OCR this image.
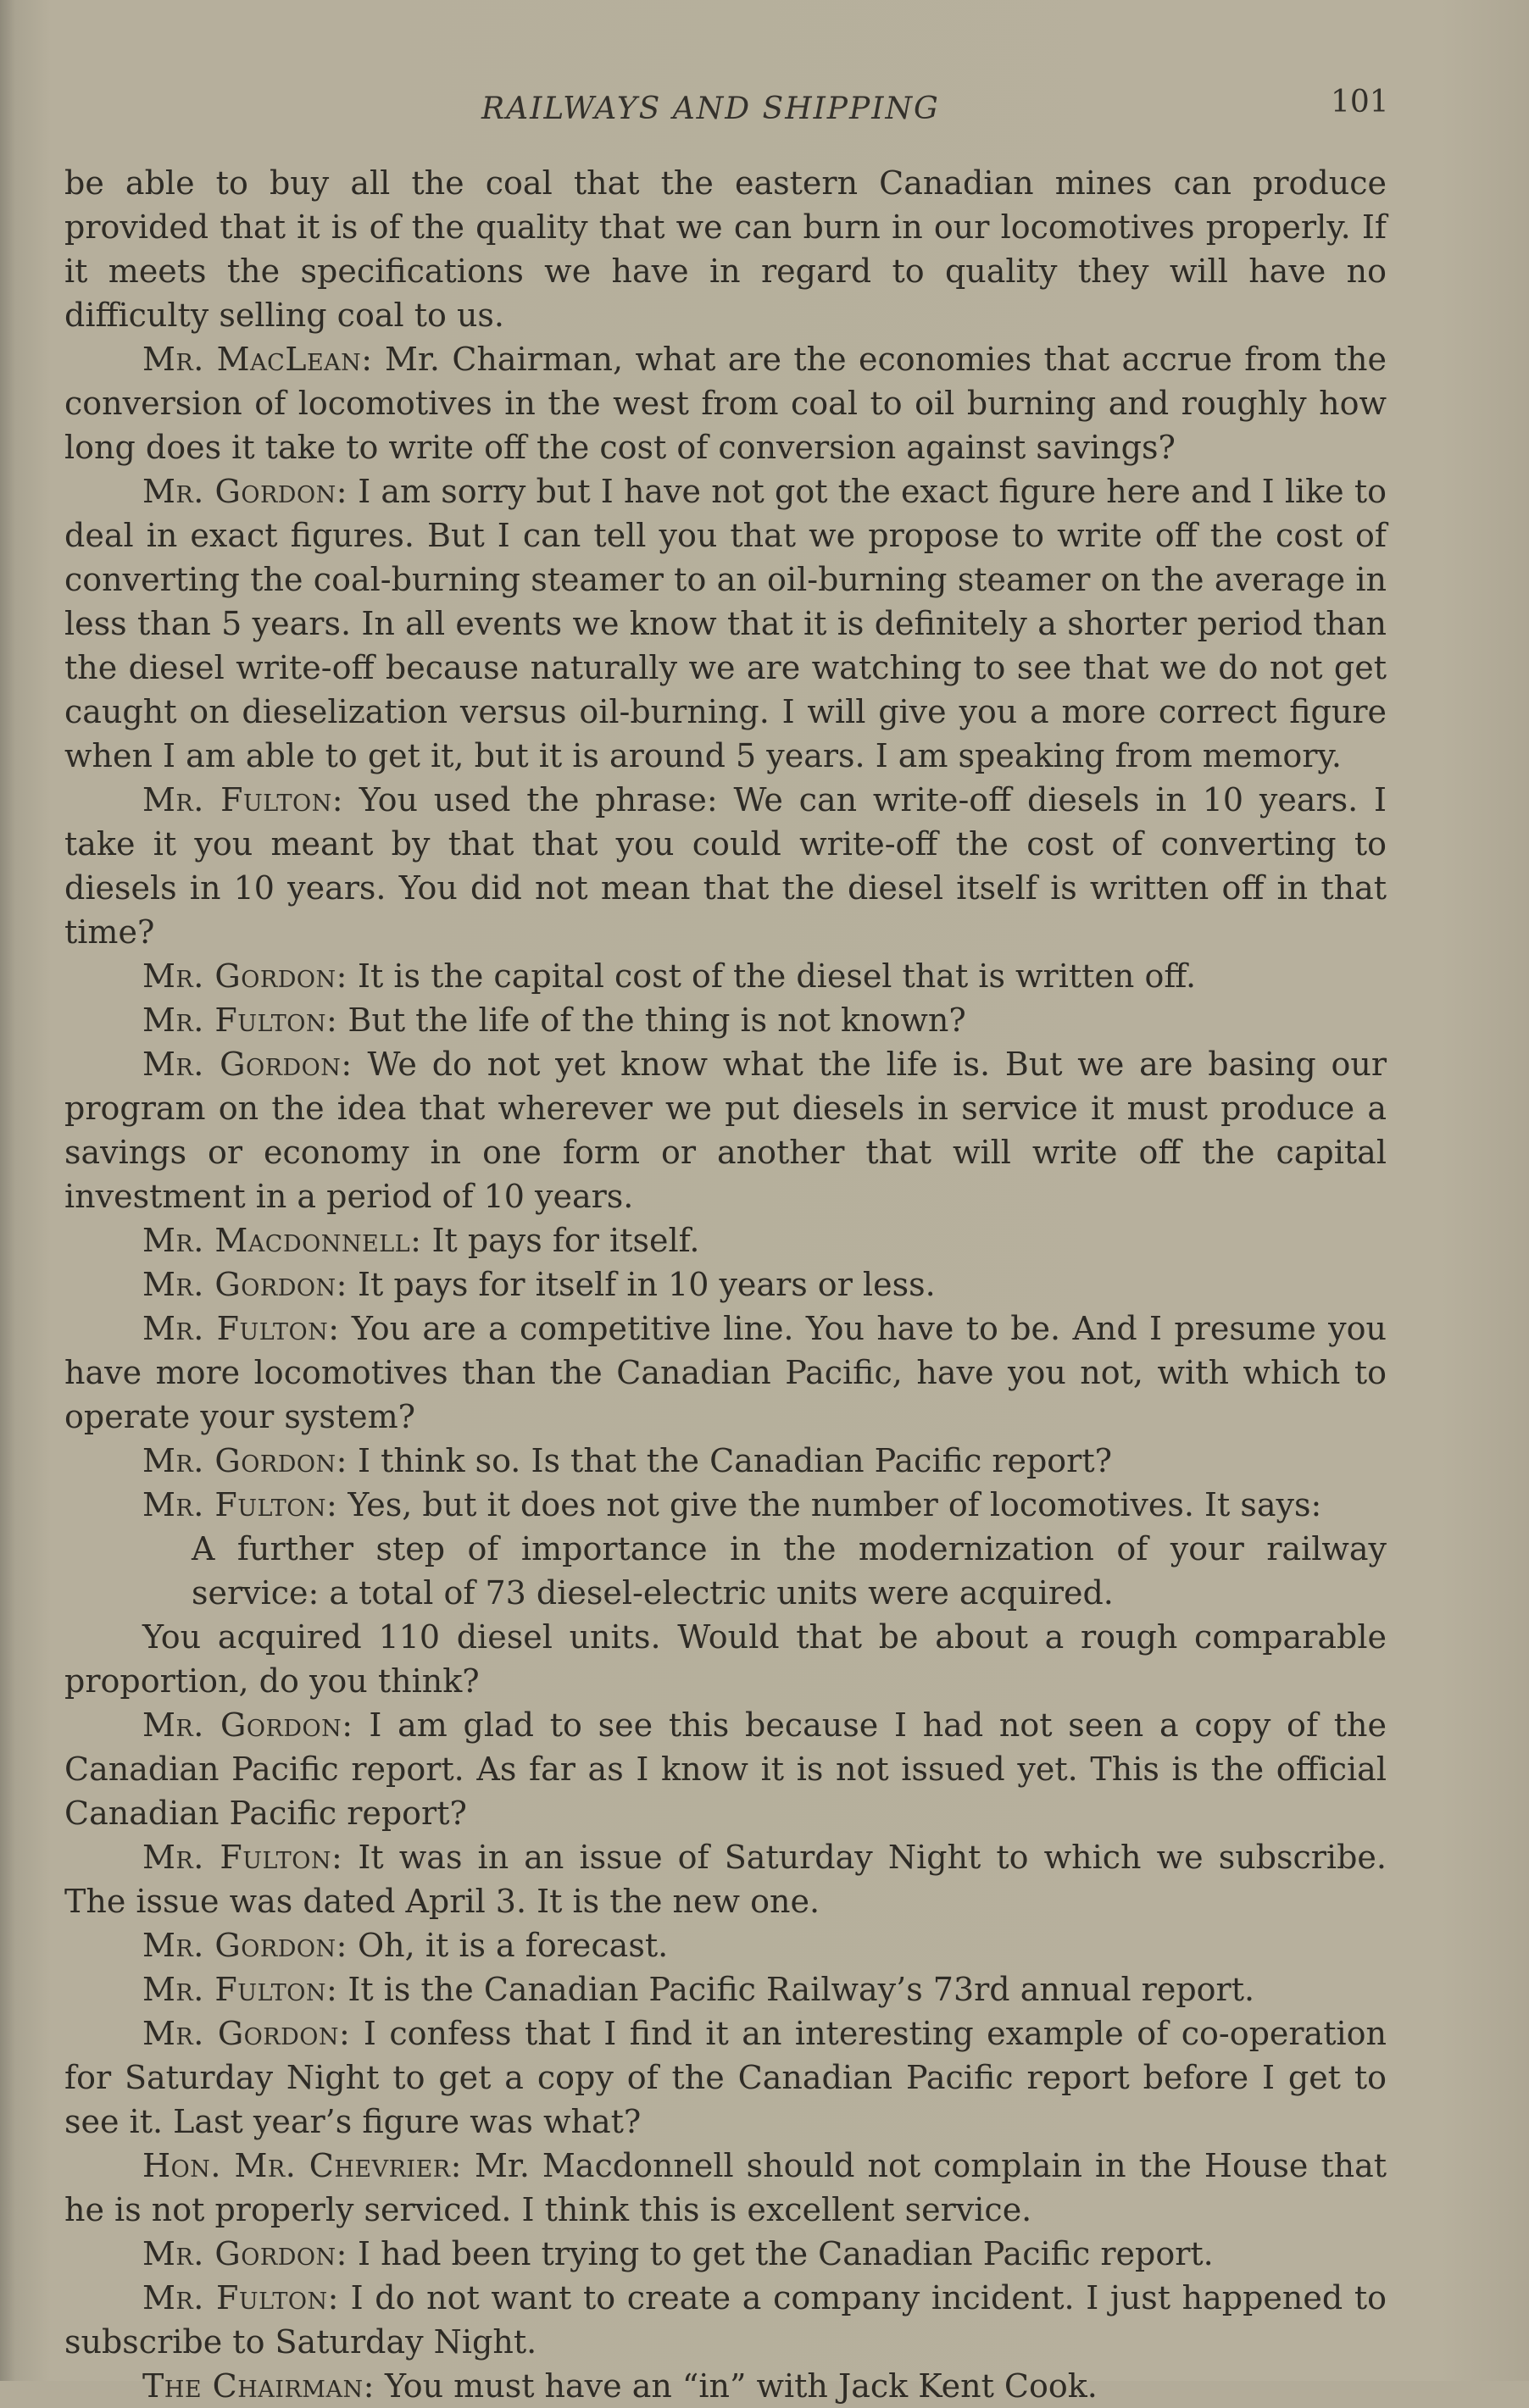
RAILWAYS AND SHIPPING	101

be able to buy all the coal that the eastern Canadian mines can produce provided that it is of the quality that we can burn in our locomotives properly. If it meets the specifications we have in regard to quality they will have no difficulty selling coal to us.

Mr. MacLean: Mr. Chairman, what are the economies that accrue from the conversion of locomotives in the west from coal to oil burning and roughly how long does it take to write off the cost of conversion against savings?

Mr. Gordon: I am sorry but I have not got the exact figure here and I like to deal in exact figures. But I can tell you that we propose to write off the cost of converting the coal-burning steamer to an oil-burning steamer on the average in less than 5 years. In all events we know that it is definitely a shorter period than the diesel write-off because naturally we are watching to see that we do not get caught on dieselization versus oil-burning. I will give you a more correct figure when I am able to get it, but it is around 5 years. I am speaking from memory.

Mr. Fulton: You used the phrase: We can write-off diesels in 10 years. I take it you meant by that that you could write-off the cost of converting to diesels in 10 years. You did not mean that the diesel itself is written off in that time?

Mr. Gordon: It is the capital cost of the diesel that is written off.

Mr. Fulton: But the life of the thing is not known?

Mr. Gordon: We do not yet know what the life is. But we are basing our program on the idea that wherever we put diesels in service it must produce a savings or economy in one form or another that will write off the capital investment in a period of 10 years.

Mr. Macdonnell: It pays for itself.

Mr. Gordon: It pays for itself in 10 years or less.

Mr. Fulton: You are a competitive line. You have to be. And I presume you have more locomotives than the Canadian Pacific, have you not, with which to operate your system?

Mr. Gordon: I think so. Is that the Canadian Pacific report?

Mr. Fulton: Yes, but it does not give the number of locomotives. It says:

A further step of importance in the modernization of your railway service: a total of 73 diesel-electric units were acquired.

You acquired 110 diesel units. Would that be about a rough comparable proportion, do you think?

Mr. Gordon: I am glad to see this because I had not seen a copy of the Canadian Pacific report. As far as I know it is not issued yet. This is the official Canadian Pacific report?

Mr. Fulton: It was in an issue of Saturday Night to which we subscribe. The issue was dated April 3. It is the new one.

Mr. Gordon: Oh, it is a forecast.

Mr. Fulton: It is the Canadian Pacific Railway’s 73rd annual report.

Mr. Gordon: I confess that I find it an interesting example of co-operation for Saturday Night to get a copy of the Canadian Pacific report before I get to see it. Last year’s figure was what?

Hon. Mr. Chevrier: Mr. Macdonnell should not complain in the House that he is not properly serviced. I think this is excellent service.

Mr. Gordon: I had been trying to get the Canadian Pacific report.

Mr. Fulton: I do not want to create a company incident. I just happened to subscribe to Saturday Night.

The Chairman: You must have an “in” with Jack Kent Cook.
